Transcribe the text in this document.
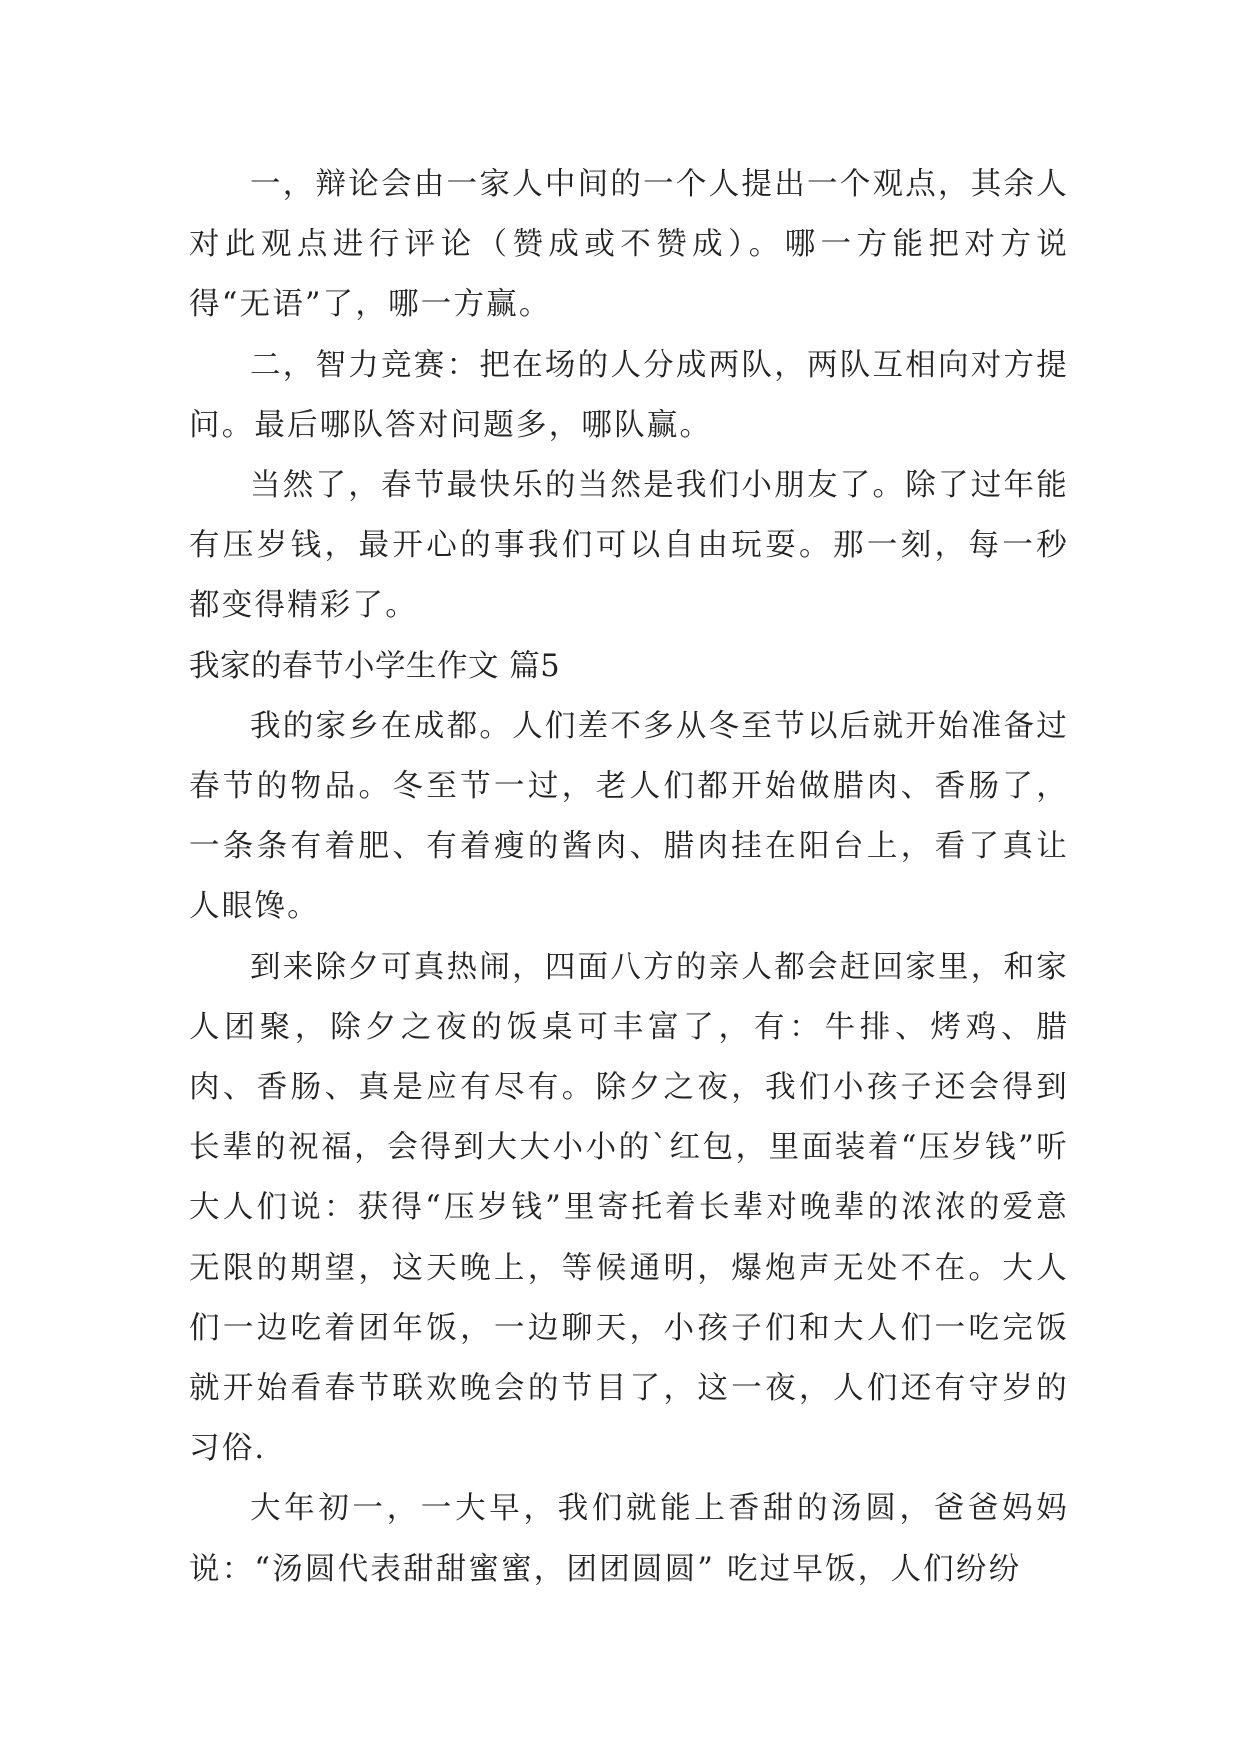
一，辩论会由一家人中间的一个人提出一个观点，其余人对此观点进行评论（赞成或不赞成）。哪一方能把对方说得“无语”了，哪一方赢。

二，智力竞赛：把在场的人分成两队，两队互相向对方提问。最后哪队答对问题多，哪队赢。

当然了，春节最快乐的当然是我们小朋友了。除了过年能有压岁钱，最开心的事我们可以自由玩耍。那一刻，每一秒都变得精彩了。

我家的春节小学生作文 篇5

我的家乡在成都。人们差不多从冬至节以后就开始准备过春节的物品。冬至节一过，老人们都开始做腊肉、香肠了，一条条有着肥、有着瘦的酱肉、腊肉挂在阳台上，看了真让人眼馋。

到来除夕可真热闹，四面八方的亲人都会赶回家里，和家人团聚，除夕之夜的饭桌可丰富了，有：牛排、烤鸡、腊肉、香肠、真是应有尽有。除夕之夜，我们小孩子还会得到长辈的祝福，会得到大大小小的`红包，里面装着“压岁钱”听大人们说：获得“压岁钱”里寄托着长辈对晚辈的浓浓的爱意无限的期望，这天晚上，等候通明，爆炮声无处不在。大人们一边吃着团年饭，一边聊天，小孩子们和大人们一吃完饭就开始看春节联欢晚会的节目了，这一夜，人们还有守岁的习俗.

大年初一，一大早，我们就能上香甜的汤圆，爸爸妈妈说：“汤圆代表甜甜蜜蜜，团团圆圆” 吃过早饭，人们纷纷
